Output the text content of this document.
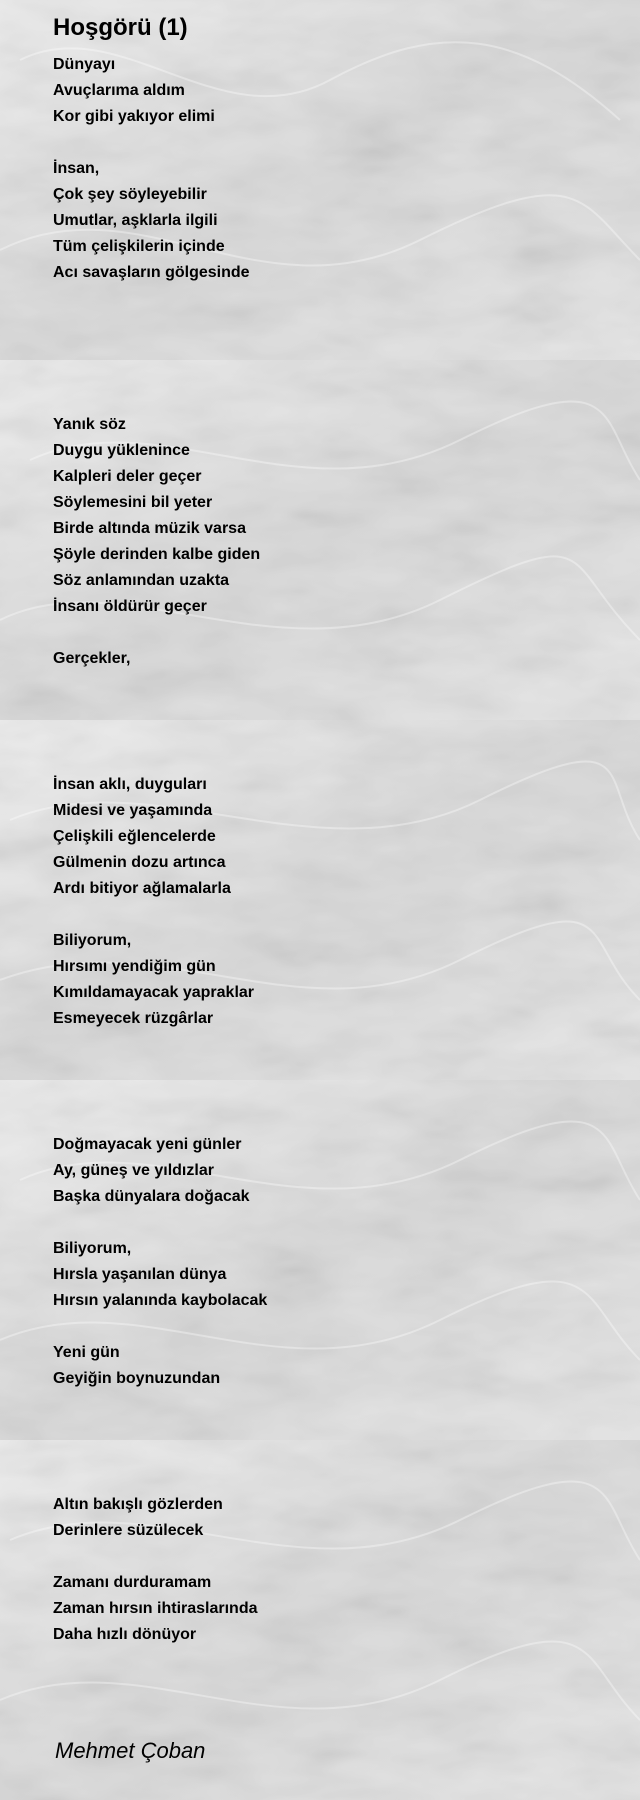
Hoşgörü (1)
Dünyayı
Avuçlarıma aldım
Kor gibi yakıyor elimi
İnsan,
Çok şey söyleyebilir
Umutlar, aşklarla ilgili
Tüm çelişkilerin içinde
Acı savaşların gölgesinde
Yanık söz
Duygu yüklenince
Kalpleri deler geçer
Söylemesini bil yeter
Birde altında müzik varsa
Şöyle derinden kalbe giden
Söz anlamından uzakta
İnsanı öldürür geçer
Gerçekler,
İnsan aklı, duyguları
Midesi ve yaşamında
Çelişkili eğlencelerde
Gülmenin dozu artınca
Ardı bitiyor ağlamalarla
Biliyorum,
Hırsımı yendiğim gün
Kımıldamayacak yapraklar
Esmeyecek rüzgârlar
Doğmayacak yeni günler
Ay, güneş ve yıldızlar
Başka dünyalara doğacak
Biliyorum,
Hırsla yaşanılan dünya
Hırsın yalanında kaybolacak
Yeni gün
Geyiğin boynuzundan
Altın bakışlı gözlerden
Derinlere süzülecek
Zamanı durduramam
Zaman hırsın ihtiraslarında
Daha hızlı dönüyor
Mehmet Çoban
